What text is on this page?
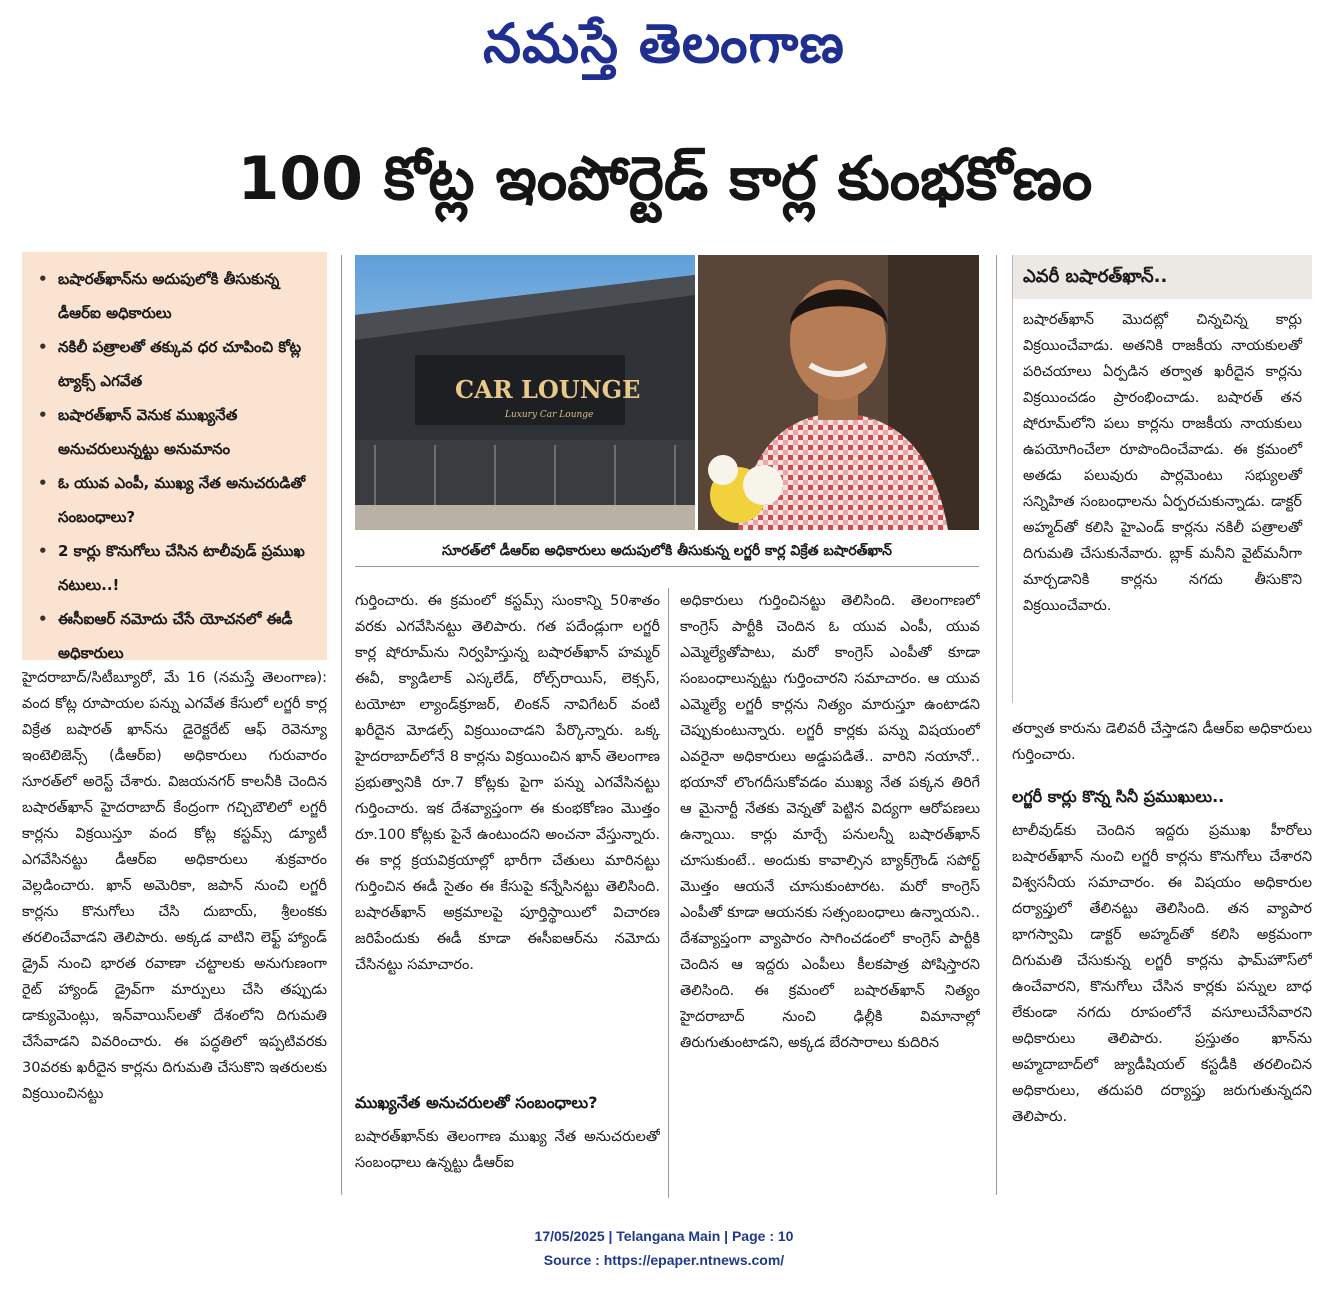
నమస్తే తెలంగాణ
100 కోట్ల ఇంపోర్టెడ్ కార్ల కుంభకోణం
• బషారత్‌ఖాన్‌ను అదుపులోకి తీసుకున్న డీఆర్‌ఐ అధికారులు
• నకిలీ పత్రాలతో తక్కువ ధర చూపించి కోట్ల ట్యాక్స్ ఎగవేత
• బషారత్‌ఖాన్ వెనుక ముఖ్యనేత అనుచరులున్నట్టు అనుమానం
• ఓ యువ ఎంపీ, ముఖ్య నేత అనుచరుడితో సంబంధాలు?
• 2 కార్లు కొనుగోలు చేసిన టాలీవుడ్ ప్రముఖ నటులు..!
• ఈసీఐఆర్ నమోదు చేసే యోచనలో ఈడీ అధికారులు
CAR LOUNGE
Luxury Car Lounge
సూరత్‌లో డీఆర్‌ఐ అధికారులు అదుపులోకి తీసుకున్న లగ్జరీ కార్ల విక్రేత బషారత్‌ఖాన్

హైదరాబాద్/సిటీబ్యూరో, మే 16 (నమస్తే తెలంగాణ): వంద కోట్ల రూపాయల పన్ను ఎగవేత కేసులో లగ్జరీ కార్ల విక్రేత బషారత్ ఖాన్‌ను డైరెక్టరేట్ ఆఫ్ రెవెన్యూ ఇంటెలిజెన్స్ (డీఆర్‌ఐ) అధికారులు గురువారం సూరత్‌లో అరెస్ట్ చేశారు. విజయనగర్ కాలనీకి చెందిన బషారత్‌ఖాన్ హైదరాబాద్ కేంద్రంగా గచ్చిబౌలిలో లగ్జరీ కార్లను విక్రయిస్తూ వంద కోట్ల కస్టమ్స్ డ్యూటీ ఎగవేసినట్టు డీఆర్‌ఐ అధికారులు శుక్రవారం వెల్లడించారు. ఖాన్ అమెరికా, జపాన్ నుంచి లగ్జరీ కార్లను కొనుగోలు చేసి దుబాయ్, శ్రీలంకకు తరలించేవాడని తెలిపారు. అక్కడ వాటిని లెఫ్ట్ హ్యాండ్ డ్రైవ్ నుంచి భారత రవాణా చట్టాలకు అనుగుణంగా రైట్ హ్యాండ్ డ్రైవ్‌గా మార్పులు చేసి తప్పుడు డాక్యుమెంట్లు, ఇన్‌వాయిస్‌లతో దేశంలోని దిగుమతి చేసేవాడని వివరించారు. ఈ పద్ధతిలో ఇప్పటివరకు 30వరకు ఖరీదైన కార్లను దిగుమతి చేసుకొని ఇతరులకు విక్రయించినట్టు

గుర్తించారు. ఈ క్రమంలో కస్టమ్స్ సుంకాన్ని 50శాతం వరకు ఎగవేసినట్టు తెలిపారు. గత పదేండ్లుగా లగ్జరీ కార్ల షోరూమ్‌ను నిర్వహిస్తున్న బషారత్‌ఖాన్ హమ్మర్ ఈవీ, క్యాడిలాక్ ఎస్కలేడ్, రోల్స్‌రాయిస్, లెక్సస్, టయోటా ల్యాండ్‌క్రూజర్, లింకన్ నావిగేటర్ వంటి ఖరీదైన మోడల్స్ విక్రయించాడని పేర్కొన్నారు. ఒక్క హైదరాబాద్‌లోనే 8 కార్లను విక్రయించిన ఖాన్ తెలంగాణ ప్రభుత్వానికి రూ.7 కోట్లకు పైగా పన్ను ఎగవేసినట్టు గుర్తించారు. ఇక దేశవ్యాప్తంగా ఈ కుంభకోణం మొత్తం రూ.100 కోట్లకు పైనే ఉంటుందని అంచనా వేస్తున్నారు. ఈ కార్ల క్రయవిక్రయాల్లో భారీగా చేతులు మారినట్టు గుర్తించిన ఈడీ సైతం ఈ కేసుపై కన్నేసినట్టు తెలిసింది. బషారత్‌ఖాన్ అక్రమాలపై పూర్తిస్థాయిలో విచారణ జరిపేందుకు ఈడీ కూడా ఈసీఐఆర్‌ను నమోదు చేసినట్టు సమాచారం.

ముఖ్యనేత అనుచరులతో సంబంధాలు?

బషారత్‌ఖాన్‌కు తెలంగాణ ముఖ్య నేత అనుచరులతో సంబంధాలు ఉన్నట్టు డీఆర్‌ఐ

అధికారులు గుర్తించినట్టు తెలిసింది. తెలంగాణలో కాంగ్రెస్ పార్టీకి చెందిన ఓ యువ ఎంపీ, యువ ఎమ్మెల్యేతోపాటు, మరో కాంగ్రెస్ ఎంపీతో కూడా సంబంధాలున్నట్టు గుర్తించారని సమాచారం. ఆ యువ ఎమ్మెల్యే లగ్జరీ కార్లను నిత్యం మారుస్తూ ఉంటాడని చెప్పుకుంటున్నారు. లగ్జరీ కార్లకు పన్ను విషయంలో ఎవరైనా అధికారులు అడ్డుపడితే.. వారిని నయానో.. భయానో లొంగదీసుకోవడం ముఖ్య నేత పక్కన తిరిగే ఆ మైనార్టీ నేతకు వెన్నతో పెట్టిన విద్యగా ఆరోపణలు ఉన్నాయి. కార్లు మార్చే పనులన్నీ బషారత్‌ఖాన్ చూసుకుంటే.. అందుకు కావాల్సిన బ్యాక్‌గ్రౌండ్ సపోర్ట్ మొత్తం ఆయనే చూసుకుంటారట. మరో కాంగ్రెస్ ఎంపీతో కూడా ఆయనకు సత్సంబంధాలు ఉన్నాయని.. దేశవ్యాప్తంగా వ్యాపారం సాగించడంలో కాంగ్రెస్ పార్టీకి చెందిన ఆ ఇద్దరు ఎంపీలు కీలకపాత్ర పోషిస్తారని తెలిసింది. ఈ క్రమంలో బషారత్‌ఖాన్ నిత్యం హైదరాబాద్ నుంచి ఢిల్లీకి విమానాల్లో తిరుగుతుంటాడని, అక్కడ బేరసారాలు కుదిరిన

ఎవరీ బషారత్‌ఖాన్..
బషారత్‌ఖాన్ మొదట్లో చిన్నచిన్న కార్లు విక్రయించేవాడు. అతనికి రాజకీయ నాయకులతో పరిచయాలు ఏర్పడిన తర్వాత ఖరీదైన కార్లను విక్రయించడం ప్రారంభించాడు. బషారత్ తన షోరూమ్‌లోని పలు కార్లను రాజకీయ నాయకులు ఉపయోగించేలా రూపొందించేవాడు. ఈ క్రమంలో అతడు పలువురు పార్లమెంటు సభ్యులతో సన్నిహిత సంబంధాలను ఏర్పరచుకున్నాడు. డాక్టర్ అహ్మద్‌తో కలిసి హైఎండ్ కార్లను నకిలీ పత్రాలతో దిగుమతి చేసుకునేవారు. బ్లాక్ మనీని వైట్‌మనీగా మార్చడానికి కార్లను నగదు తీసుకొని విక్రయించేవారు.

తర్వాత కారును డెలివరీ చేస్తాడని డీఆర్‌ఐ అధికారులు గుర్తించారు.

లగ్జరీ కార్లు కొన్న సినీ ప్రముఖులు..

టాలీవుడ్‌కు చెందిన ఇద్దరు ప్రముఖ హీరోలు బషారత్‌ఖాన్ నుంచి లగ్జరీ కార్లను కొనుగోలు చేశారని విశ్వసనీయ సమాచారం. ఈ విషయం అధికారుల దర్యాప్తులో తేలినట్టు తెలిసింది. తన వ్యాపార భాగస్వామి డాక్టర్ అహ్మద్‌తో కలిసి అక్రమంగా దిగుమతి చేసుకున్న లగ్జరీ కార్లను ఫామ్‌హౌస్‌లో ఉంచేవారని, కొనుగోలు చేసిన కార్లకు పన్నుల బాధ లేకుండా నగదు రూపంలోనే వసూలుచేసేవారని అధికారులు తెలిపారు. ప్రస్తుతం ఖాన్‌ను అహ్మదాబాద్‌లో జ్యుడీషియల్ కస్టడీకి తరలించిన అధికారులు, తదుపరి దర్యాప్తు జరుగుతున్నదని తెలిపారు.

17/05/2025 | Telangana Main | Page : 10
Source : https://epaper.ntnews.com/
